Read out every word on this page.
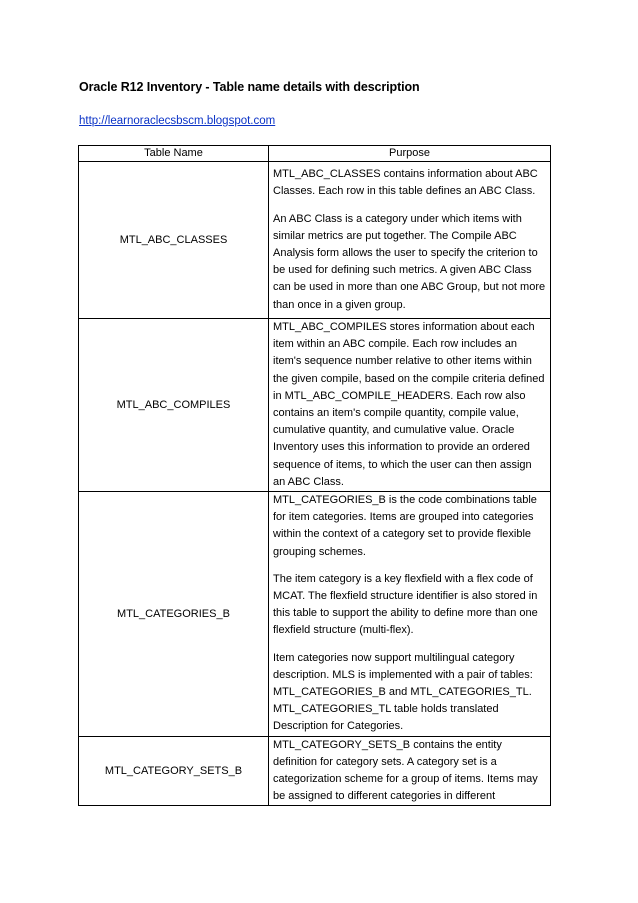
Oracle R12 Inventory - Table name details with description
http://learnoraclecsbscm.blogspot.com
Table Name	Purpose
MTL_ABC_CLASSES	MTL_ABC_CLASSES contains information about ABC Classes. Each row in this table defines an ABC Class.
An ABC Class is a category under which items with similar metrics are put together. The Compile ABC Analysis form allows the user to specify the criterion to be used for defining such metrics. A given ABC Class can be used in more than one ABC Group, but not more than once in a given group.

MTL_ABC_COMPILES	MTL_ABC_COMPILES stores information about each item within an ABC compile. Each row includes an item's sequence number relative to other items within the given compile, based on the compile criteria defined in MTL_ABC_COMPILE_HEADERS. Each row also contains an item's compile quantity, compile value, cumulative quantity, and cumulative value. Oracle Inventory uses this information to provide an ordered sequence of items, to which the user can then assign an ABC Class.

MTL_CATEGORIES_B	MTL_CATEGORIES_B is the code combinations table for item categories. Items are grouped into categories within the context of a category set to provide flexible grouping schemes.
The item category is a key flexfield with a flex code of MCAT. The flexfield structure identifier is also stored in this table to support the ability to define more than one flexfield structure (multi-flex).
Item categories now support multilingual category description. MLS is implemented with a pair of tables: MTL_CATEGORIES_B and MTL_CATEGORIES_TL. MTL_CATEGORIES_TL table holds translated Description for Categories.

MTL_CATEGORY_SETS_B	MTL_CATEGORY_SETS_B contains the entity definition for category sets. A category set is a categorization scheme for a group of items. Items may be assigned to different categories in different
